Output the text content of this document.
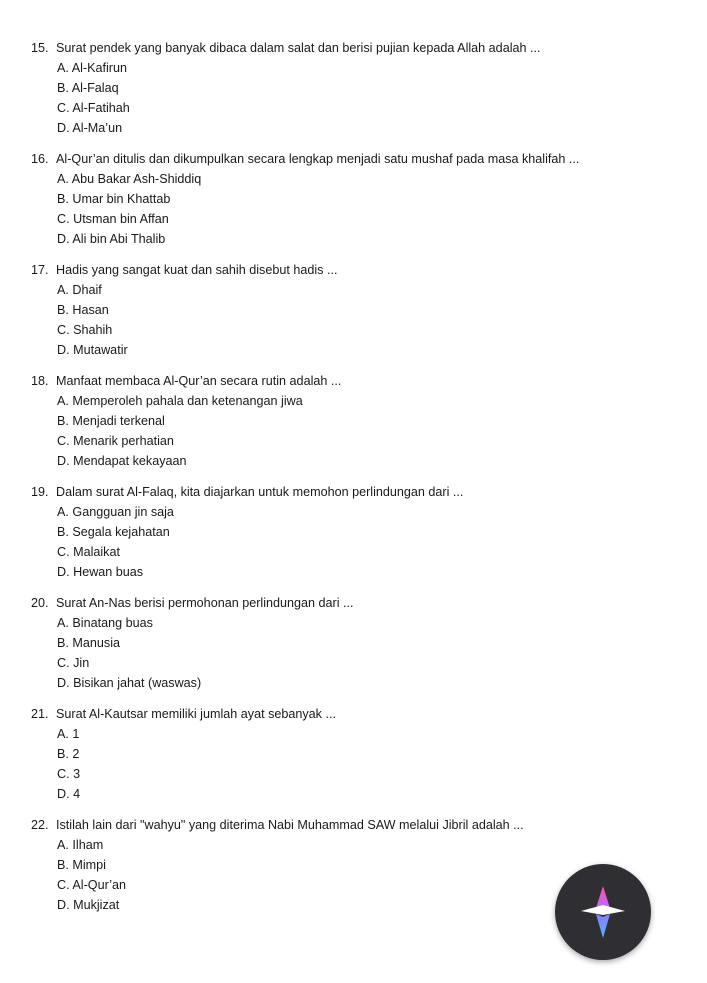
15. Surat pendek yang banyak dibaca dalam salat dan berisi pujian kepada Allah adalah ...
A. Al-Kafirun
B. Al-Falaq
C. Al-Fatihah
D. Al-Ma’un
16. Al-Qur’an ditulis dan dikumpulkan secara lengkap menjadi satu mushaf pada masa khalifah ...
A. Abu Bakar Ash-Shiddiq
B. Umar bin Khattab
C. Utsman bin Affan
D. Ali bin Abi Thalib
17. Hadis yang sangat kuat dan sahih disebut hadis ...
A. Dhaif
B. Hasan
C. Shahih
D. Mutawatir
18. Manfaat membaca Al-Qur’an secara rutin adalah ...
A. Memperoleh pahala dan ketenangan jiwa
B. Menjadi terkenal
C. Menarik perhatian
D. Mendapat kekayaan
19. Dalam surat Al-Falaq, kita diajarkan untuk memohon perlindungan dari ...
A. Gangguan jin saja
B. Segala kejahatan
C. Malaikat
D. Hewan buas
20. Surat An-Nas berisi permohonan perlindungan dari ...
A. Binatang buas
B. Manusia
C. Jin
D. Bisikan jahat (waswas)
21. Surat Al-Kautsar memiliki jumlah ayat sebanyak ...
A. 1
B. 2
C. 3
D. 4
22. Istilah lain dari "wahyu" yang diterima Nabi Muhammad SAW melalui Jibril adalah ...
A. Ilham
B. Mimpi
C. Al-Qur’an
D. Mukjizat
